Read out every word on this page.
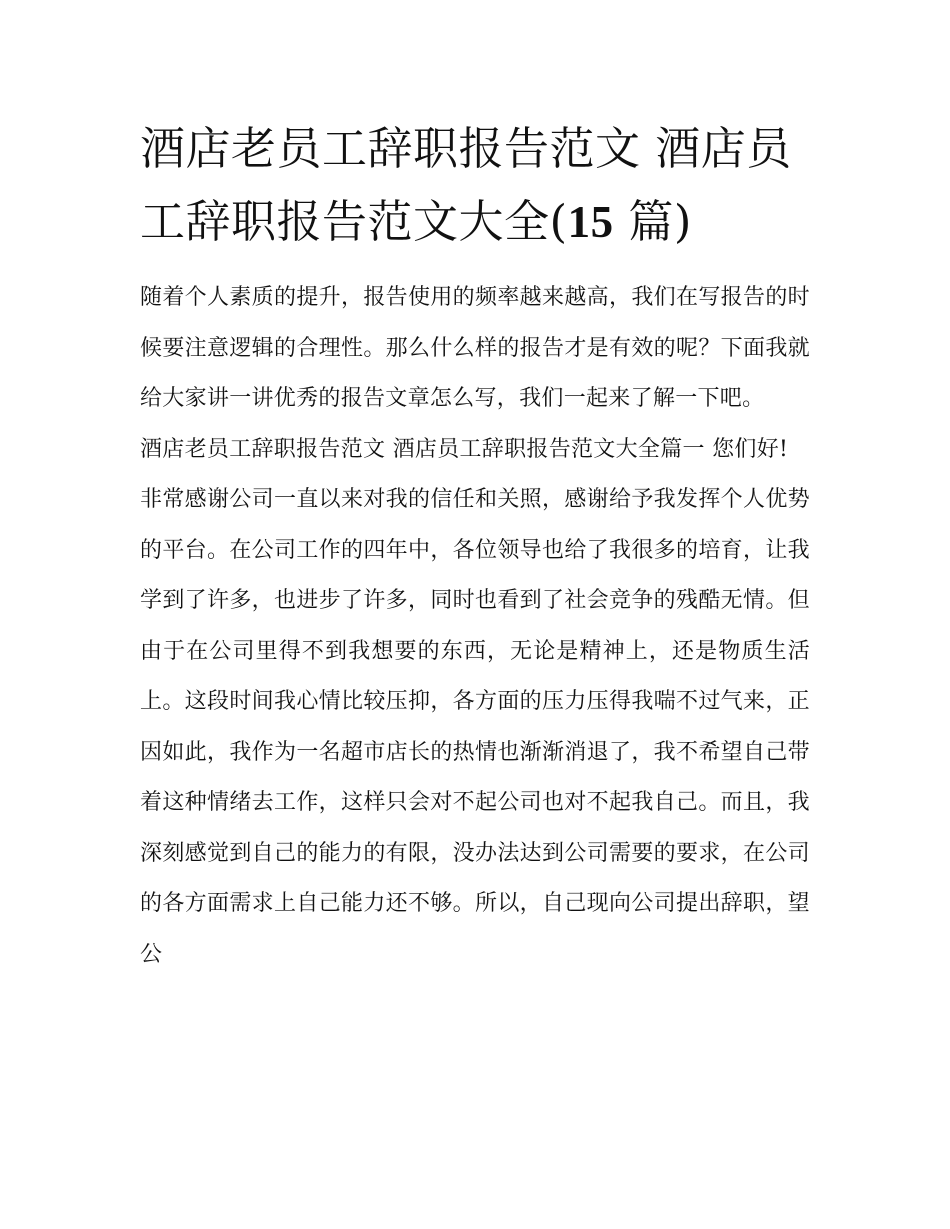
酒店老员工辞职报告范文 酒店员工辞职报告范文大全(15 篇)

随着个人素质的提升，报告使用的频率越来越高，我们在写报告的时候要注意逻辑的合理性。那么什么样的报告才是有效的呢？下面我就给大家讲一讲优秀的报告文章怎么写，我们一起来了解一下吧。

酒店老员工辞职报告范文 酒店员工辞职报告范文大全篇一 您们好!

非常感谢公司一直以来对我的信任和关照，感谢给予我发挥个人优势的平台。在公司工作的四年中，各位领导也给了我很多的培育，让我学到了许多，也进步了许多，同时也看到了社会竞争的残酷无情。但由于在公司里得不到我想要的东西，无论是精神上，还是物质生活上。这段时间我心情比较压抑，各方面的压力压得我喘不过气来，正因如此，我作为一名超市店长的热情也渐渐消退了，我不希望自己带着这种情绪去工作，这样只会对不起公司也对不起我自己。而且，我深刻感觉到自己的能力的有限，没办法达到公司需要的要求，在公司的各方面需求上自己能力还不够。所以，自己现向公司提出辞职，望公
